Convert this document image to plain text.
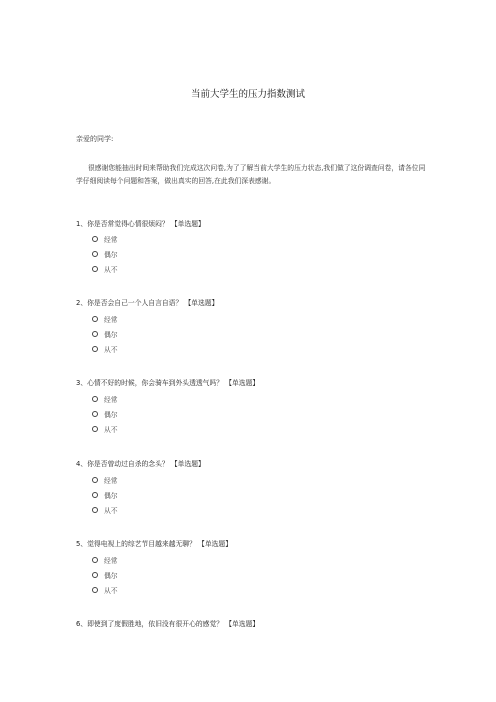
当前大学生的压力指数测试
亲爱的同学:
很感谢您能抽出时间来帮助我们完成这次问卷,为了了解当前大学生的压力状态,我们做了这份调查问卷，请各位同学仔细阅读每个问题和答案，做出真实的回答,在此我们深表感谢。
1、你是否常觉得心情很烦闷？ 【单选题】
经常
偶尔
从不
2、你是否会自己一个人自言自语？ 【单选题】
经常
偶尔
从不
3、心情不好的时候，你会骑车到外头透透气吗？ 【单选题】
经常
偶尔
从不
4、你是否曾动过自杀的念头？ 【单选题】
经常
偶尔
从不
5、觉得电视上的综艺节目越来越无聊？ 【单选题】
经常
偶尔
从不
6、即使到了度假胜地，依旧没有很开心的感觉？ 【单选题】
